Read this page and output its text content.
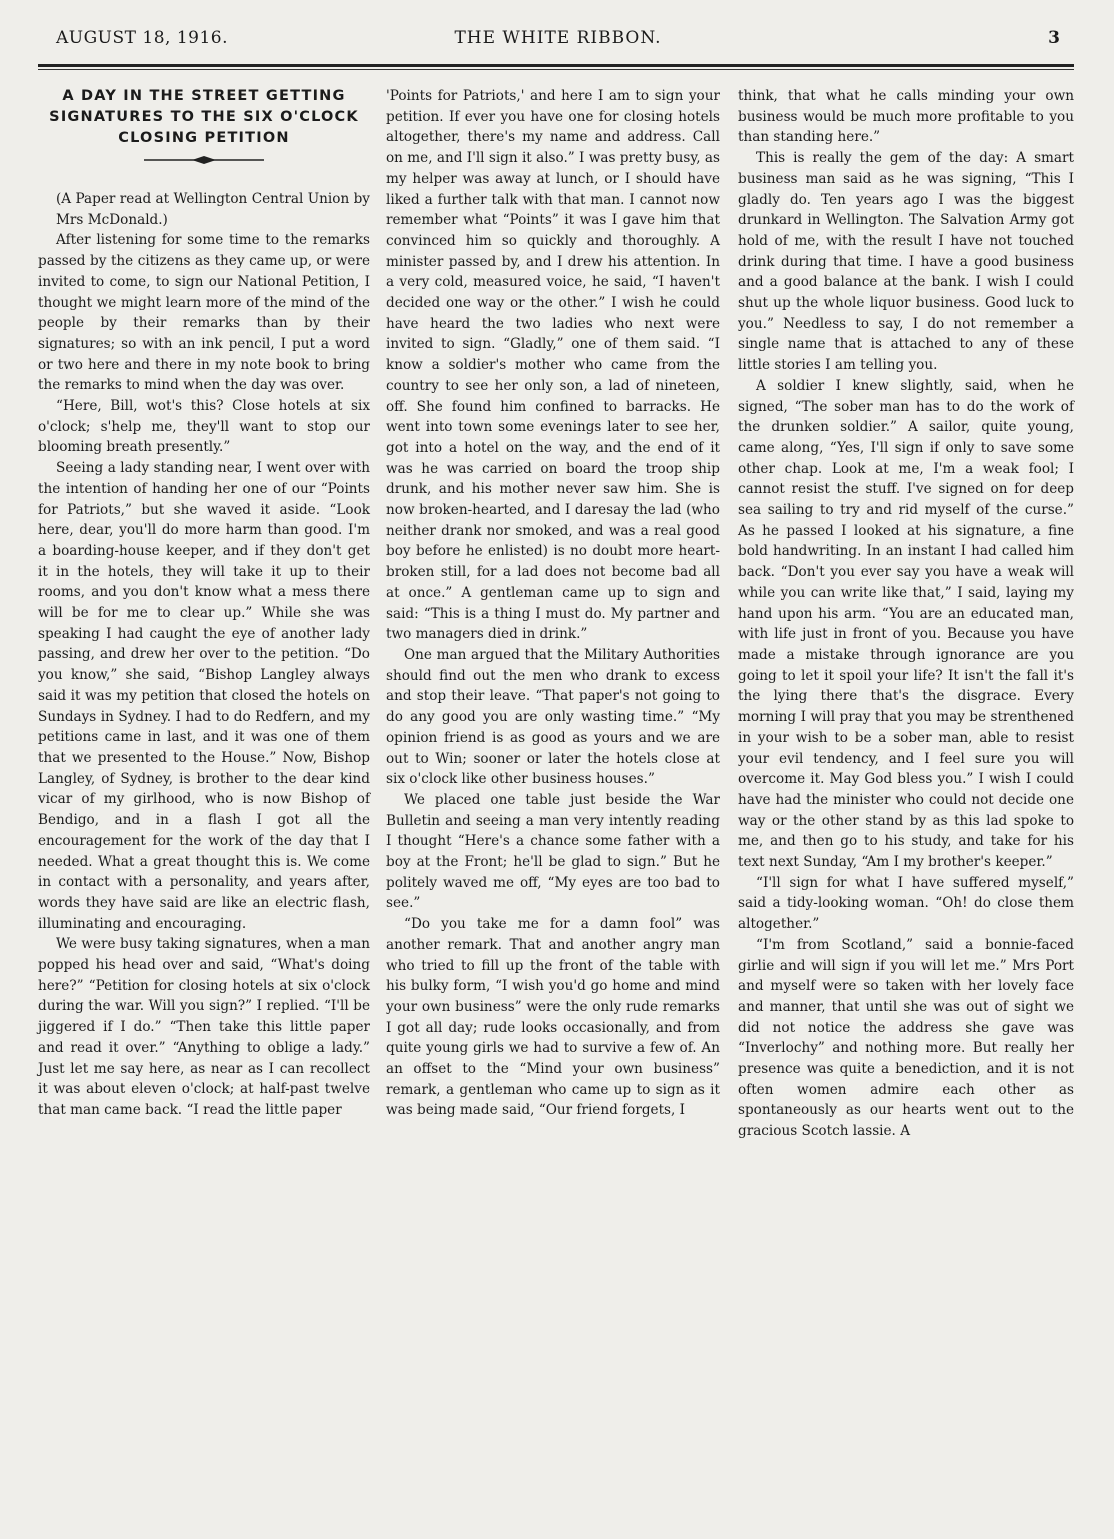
AUGUST 18, 1916.	THE WHITE RIBBON.	3
A DAY IN THE STREET GETTING SIGNATURES TO THE SIX O'CLOCK CLOSING PETITION

(A Paper read at Wellington Central Union by Mrs McDonald.)

After listening for some time to the remarks passed by the citizens as they came up, or were invited to come, to sign our National Petition, I thought we might learn more of the mind of the people by their remarks than by their signatures; so with an ink pencil, I put a word or two here and there in my note book to bring the remarks to mind when the day was over.

“Here, Bill, wot's this? Close hotels at six o'clock; s'help me, they'll want to stop our blooming breath presently.”

Seeing a lady standing near, I went over with the intention of handing her one of our “Points for Patriots,” but she waved it aside. “Look here, dear, you'll do more harm than good. I'm a boarding-house keeper, and if they don't get it in the hotels, they will take it up to their rooms, and you don't know what a mess there will be for me to clear up.” While she was speaking I had caught the eye of another lady passing, and drew her over to the petition. “Do you know,” she said, “Bishop Langley always said it was my petition that closed the hotels on Sundays in Sydney. I had to do Redfern, and my petitions came in last, and it was one of them that we presented to the House.” Now, Bishop Langley, of Sydney, is brother to the dear kind vicar of my girlhood, who is now Bishop of Bendigo, and in a flash I got all the encouragement for the work of the day that I needed. What a great thought this is. We come in contact with a personality, and years after, words they have said are like an electric flash, illuminating and encouraging.

We were busy taking signatures, when a man popped his head over and said, “What's doing here?” “Petition for closing hotels at six o'clock during the war. Will you sign?” I replied. “I'll be jiggered if I do.” “Then take this little paper and read it over.” “Anything to oblige a lady.” Just let me say here, as near as I can recollect it was about eleven o'clock; at half-past twelve that man came back. “I read the little paper

'Points for Patriots,' and here I am to sign your petition. If ever you have one for closing hotels altogether, there's my name and address. Call on me, and I'll sign it also.” I was pretty busy, as my helper was away at lunch, or I should have liked a further talk with that man. I cannot now remember what “Points” it was I gave him that convinced him so quickly and thoroughly. A minister passed by, and I drew his attention. In a very cold, measured voice, he said, “I haven't decided one way or the other.” I wish he could have heard the two ladies who next were invited to sign. “Gladly,” one of them said. “I know a soldier's mother who came from the country to see her only son, a lad of nineteen, off. She found him confined to barracks. He went into town some evenings later to see her, got into a hotel on the way, and the end of it was he was carried on board the troop ship drunk, and his mother never saw him. She is now broken-hearted, and I daresay the lad (who neither drank nor smoked, and was a real good boy before he enlisted) is no doubt more heart-broken still, for a lad does not become bad all at once.” A gentleman came up to sign and said: “This is a thing I must do. My partner and two managers died in drink.”

One man argued that the Military Authorities should find out the men who drank to excess and stop their leave. “That paper's not going to do any good you are only wasting time.” “My opinion friend is as good as yours and we are out to Win; sooner or later the hotels close at six o'clock like other business houses.”

We placed one table just beside the War Bulletin and seeing a man very intently reading I thought “Here's a chance some father with a boy at the Front; he'll be glad to sign.” But he politely waved me off, “My eyes are too bad to see.”

“Do you take me for a damn fool” was another remark. That and another angry man who tried to fill up the front of the table with his bulky form, “I wish you'd go home and mind your own business” were the only rude remarks I got all day; rude looks occasionally, and from quite young girls we had to survive a few of. An an offset to the “Mind your own business” remark, a gentleman who came up to sign as it was being made said, “Our friend forgets, I

think, that what he calls minding your own business would be much more profitable to you than standing here.”

This is really the gem of the day: A smart business man said as he was signing, “This I gladly do. Ten years ago I was the biggest drunkard in Wellington. The Salvation Army got hold of me, with the result I have not touched drink during that time. I have a good business and a good balance at the bank. I wish I could shut up the whole liquor business. Good luck to you.” Needless to say, I do not remember a single name that is attached to any of these little stories I am telling you.

A soldier I knew slightly, said, when he signed, “The sober man has to do the work of the drunken soldier.” A sailor, quite young, came along, “Yes, I'll sign if only to save some other chap. Look at me, I'm a weak fool; I cannot resist the stuff. I've signed on for deep sea sailing to try and rid myself of the curse.” As he passed I looked at his signature, a fine bold handwriting. In an instant I had called him back. “Don't you ever say you have a weak will while you can write like that,” I said, laying my hand upon his arm. “You are an educated man, with life just in front of you. Because you have made a mistake through ignorance are you going to let it spoil your life? It isn't the fall it's the lying there that's the disgrace. Every morning I will pray that you may be strenthened in your wish to be a sober man, able to resist your evil tendency, and I feel sure you will overcome it. May God bless you.” I wish I could have had the minister who could not decide one way or the other stand by as this lad spoke to me, and then go to his study, and take for his text next Sunday, “Am I my brother's keeper.”

“I'll sign for what I have suffered myself,” said a tidy-looking woman. “Oh! do close them altogether.”

“I'm from Scotland,” said a bonnie-faced girlie and will sign if you will let me.” Mrs Port and myself were so taken with her lovely face and manner, that until she was out of sight we did not notice the address she gave was “Inverlochy” and nothing more. But really her presence was quite a benediction, and it is not often women admire each other as spontaneously as our hearts went out to the gracious Scotch lassie. A
